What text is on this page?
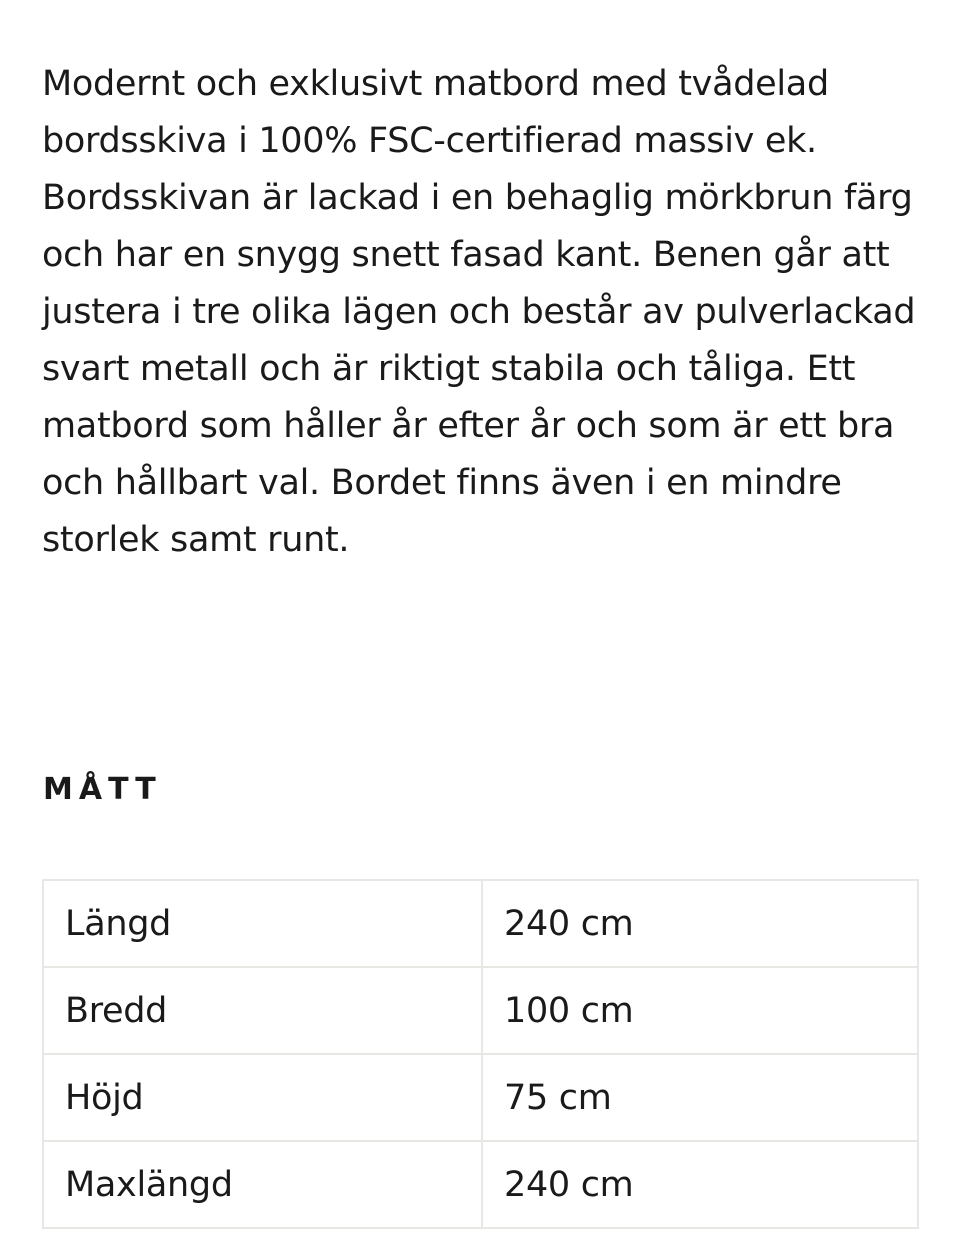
Modernt och exklusivt matbord med tvådelad bordsskiva i 100% FSC-certifierad massiv ek. Bordsskivan är lackad i en behaglig mörkbrun färg och har en snygg snett fasad kant. Benen går att justera i tre olika lägen och består av pulverlackad svart metall och är riktigt stabila och tåliga. Ett matbord som håller år efter år och som är ett bra och hållbart val. Bordet finns även i en mindre storlek samt runt.

MÅTT
Längd	240 cm
Bredd	100 cm
Höjd	75 cm
Maxlängd	240 cm
